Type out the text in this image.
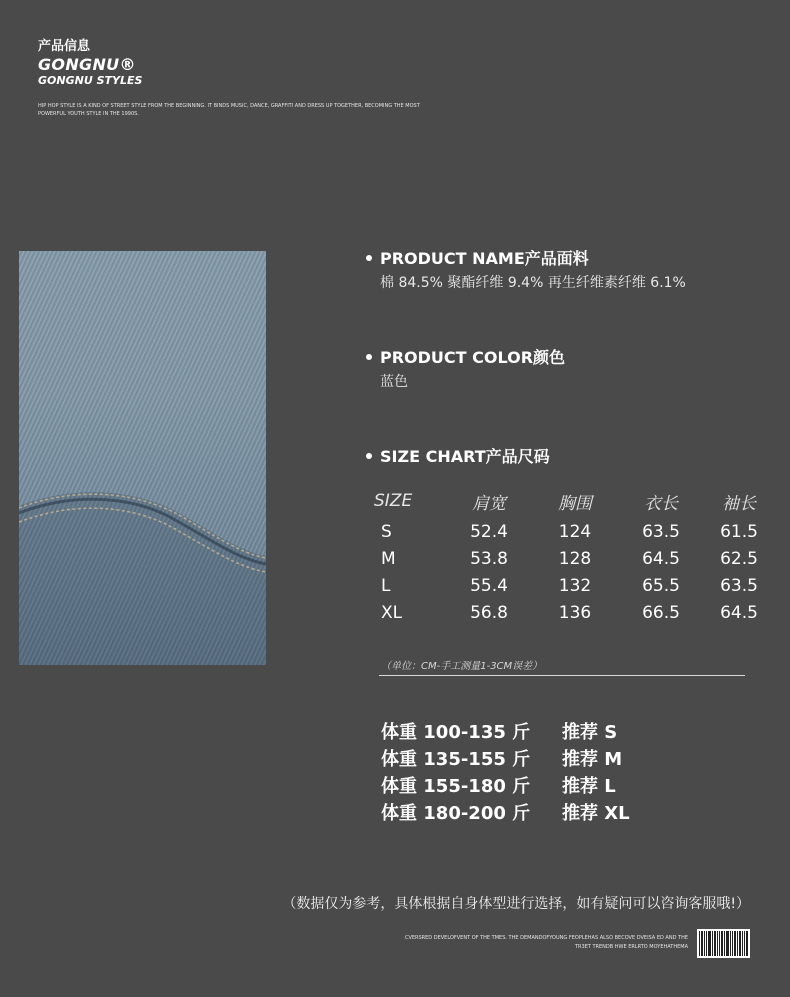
产品信息
GONGNU®
GONGNU STYLES
HIP HOP STYLE IS A KIND OF STREET STYLE FROM THE BEGINNING. IT BINDS MUSIC, DANCE, GRAFFITI AND DRESS UP TOGETHER, BECOMING THE MOST POWERFUL YOUTH STYLE IN THE 1990S.
PRODUCT NAME产品面料
棉 84.5% 聚酯纤维 9.4% 再生纤维素纤维 6.1%
PRODUCT COLOR颜色
蓝色
SIZE CHART产品尺码
SIZE	肩宽	胸围	衣长	袖长
S	52.4	124	63.5	61.5
M	53.8	128	64.5	62.5
L	55.4	132	65.5	63.5
XL	56.8	136	66.5	64.5
（单位：CM-手工测量1-3CM误差）
体重 100-135 斤 推荐 S
体重 135-155 斤 推荐 M
体重 155-180 斤 推荐 L
体重 180-200 斤 推荐 XL
（数据仅为参考，具体根据自身体型进行选择，如有疑问可以咨询客服哦!）
CVERSRED DEVELOFVENT OF THE TMES. THE DEMANDOFYOUNG FEOPLEHAS ALSO BECOVE DVEISA ED AND THE
TR3ET TRENDB HWE ERLRTO MOYEHATHEMA
